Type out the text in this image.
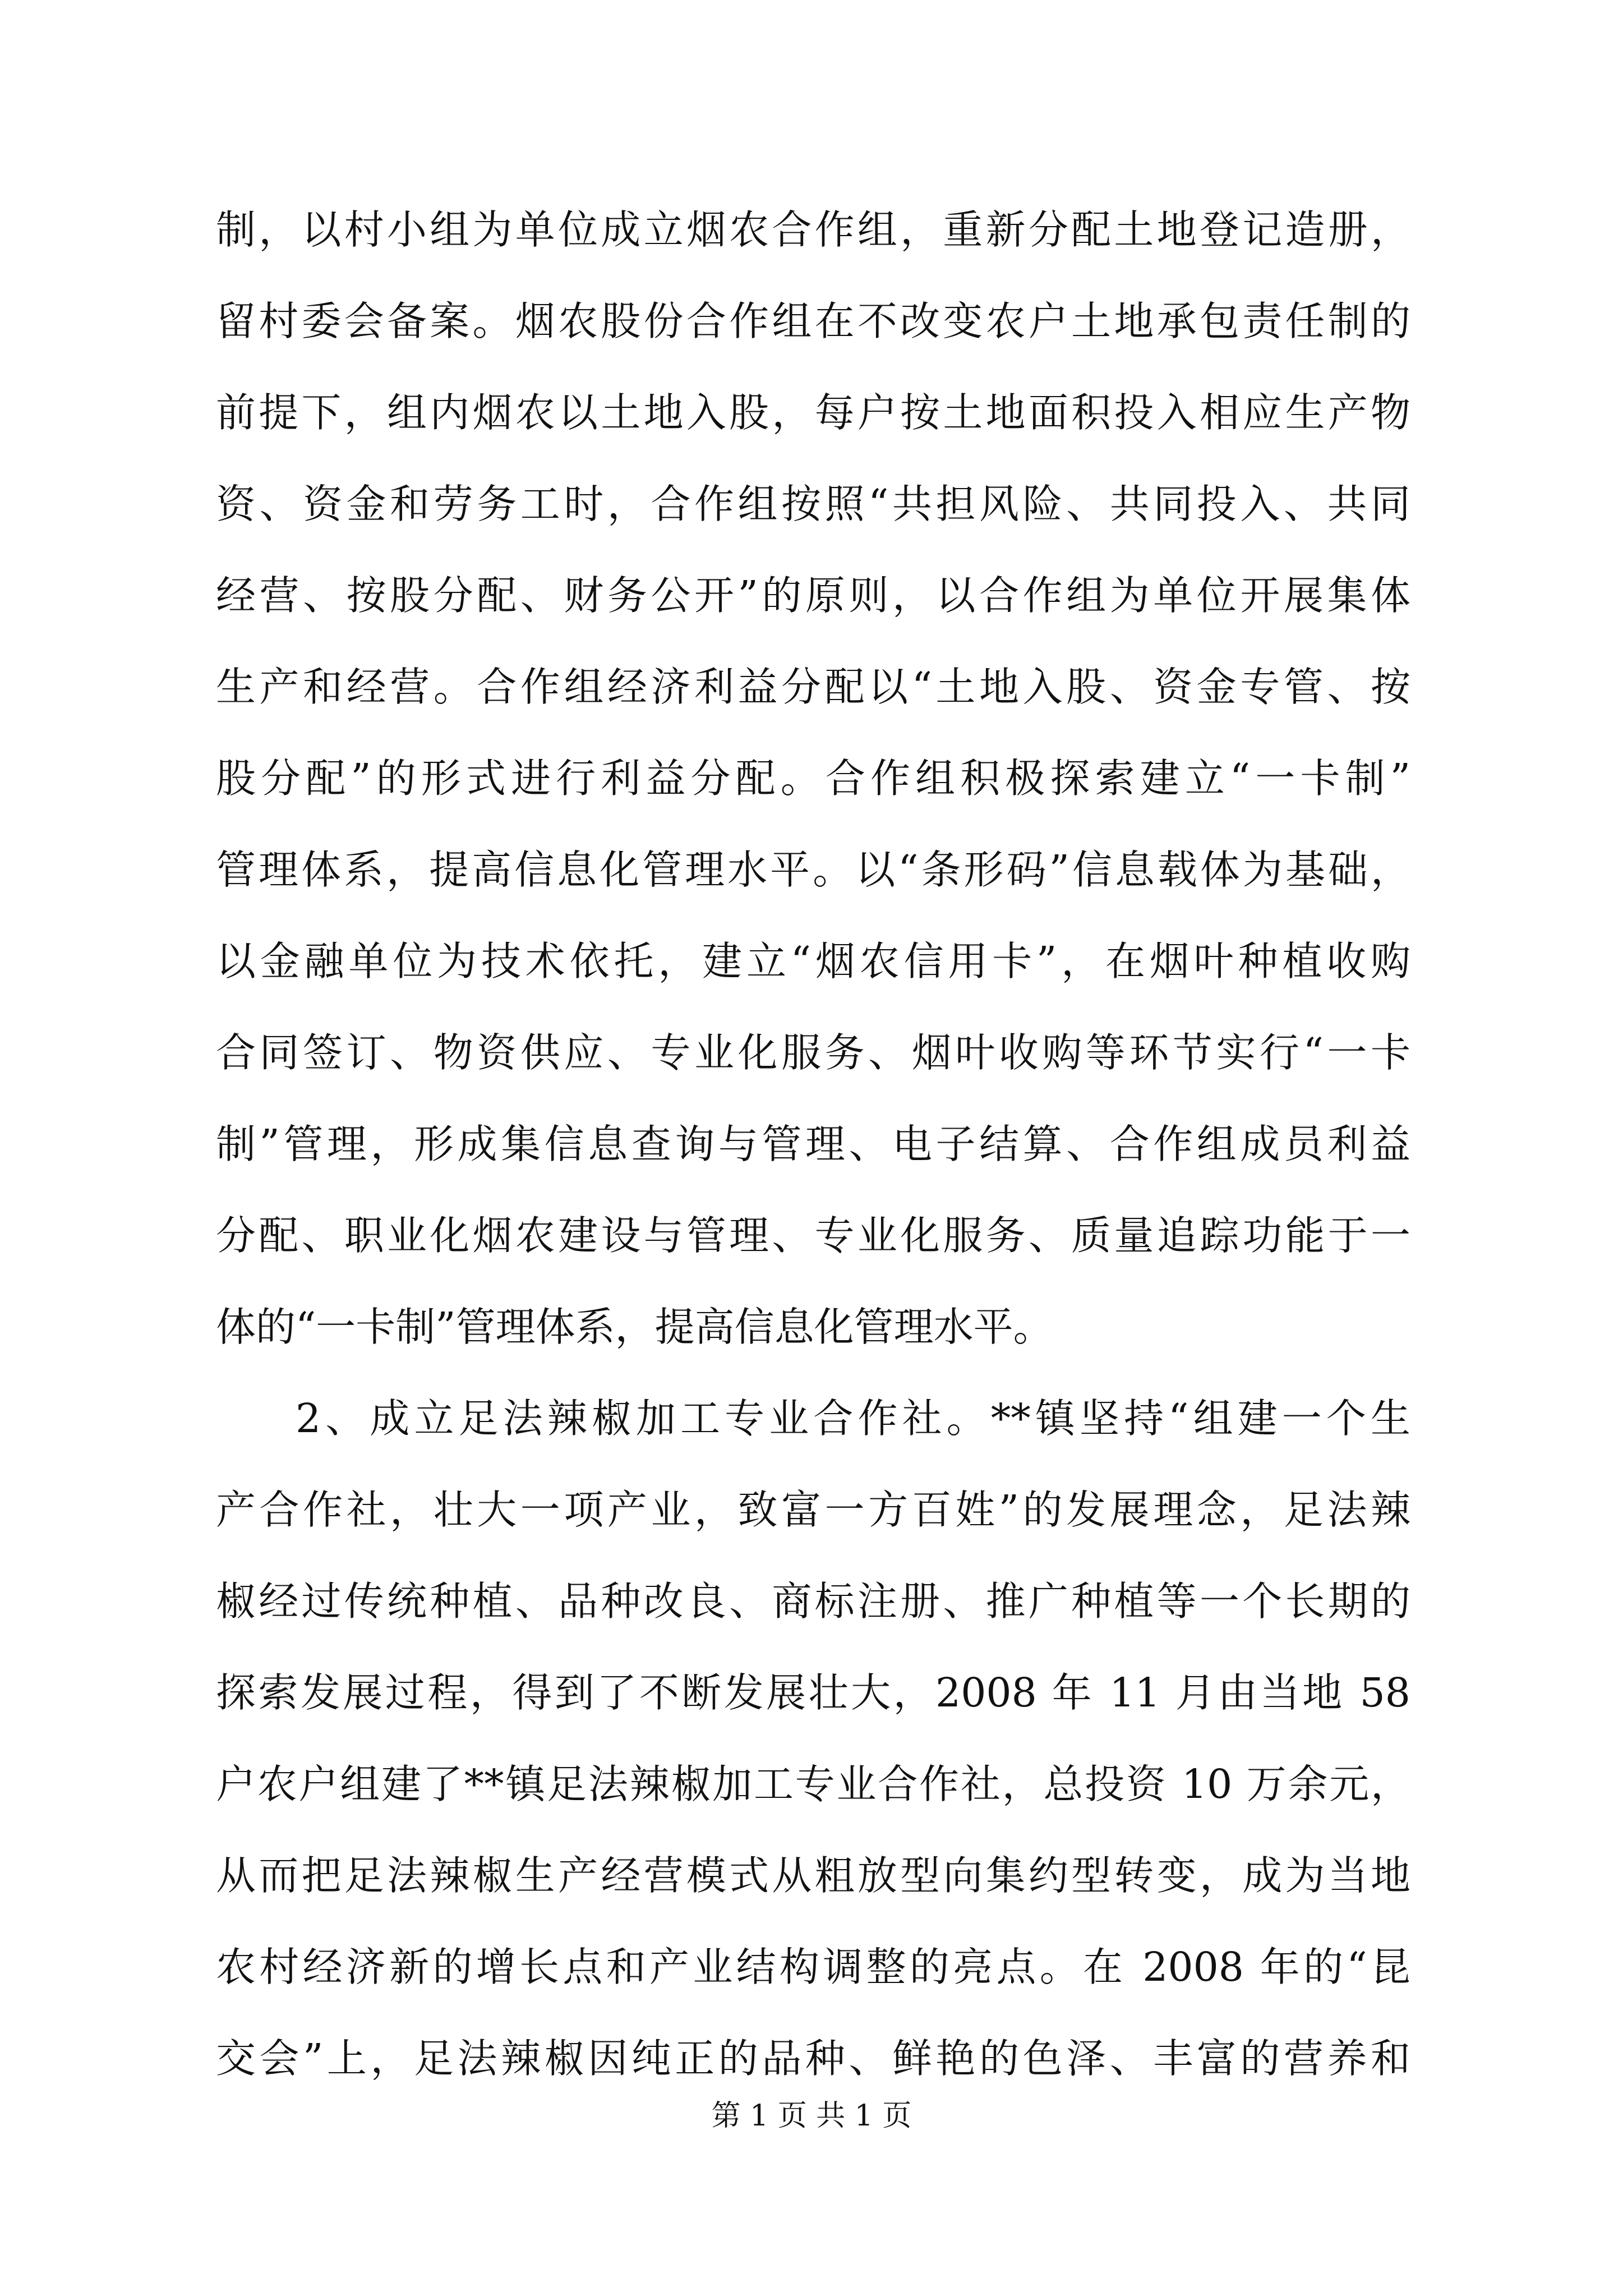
制，以村小组为单位成立烟农合作组，重新分配土地登记造册，
留村委会备案。烟农股份合作组在不改变农户土地承包责任制的
前提下，组内烟农以土地入股，每户按土地面积投入相应生产物
资、资金和劳务工时，合作组按照“共担风险、共同投入、共同
经营、按股分配、财务公开”的原则，以合作组为单位开展集体
生产和经营。合作组经济利益分配以“土地入股、资金专管、按
股分配”的形式进行利益分配。合作组积极探索建立“一卡制”
管理体系，提高信息化管理水平。以“条形码”信息载体为基础，
以金融单位为技术依托，建立“烟农信用卡”，在烟叶种植收购
合同签订、物资供应、专业化服务、烟叶收购等环节实行“一卡
制”管理，形成集信息查询与管理、电子结算、合作组成员利益
分配、职业化烟农建设与管理、专业化服务、质量追踪功能于一
体的“一卡制”管理体系，提高信息化管理水平。
2、成立足法辣椒加工专业合作社。**镇坚持“组建一个生
产合作社，壮大一项产业，致富一方百姓”的发展理念，足法辣
椒经过传统种植、品种改良、商标注册、推广种植等一个长期的
探索发展过程，得到了不断发展壮大，2008 年 11 月由当地 58
户农户组建了**镇足法辣椒加工专业合作社，总投资 10 万余元，
从而把足法辣椒生产经营模式从粗放型向集约型转变，成为当地
农村经济新的增长点和产业结构调整的亮点。在 2008 年的“昆
交会”上，足法辣椒因纯正的品种、鲜艳的色泽、丰富的营养和
第 1 页 共 1 页
